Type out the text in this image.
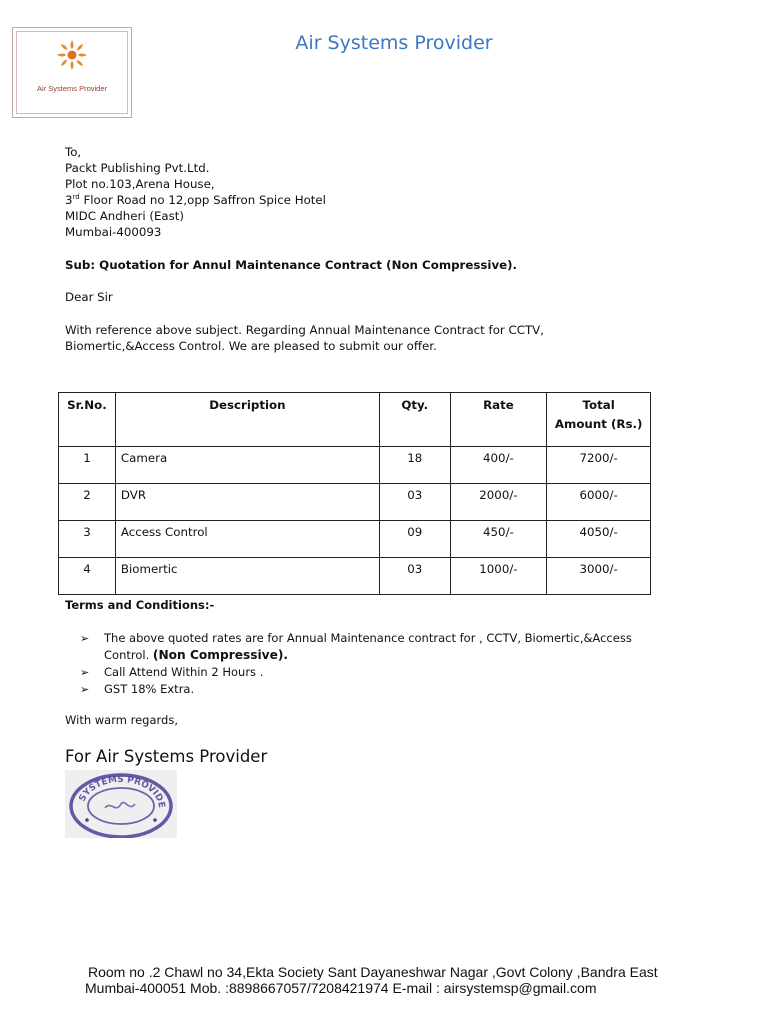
Air Systems Provider
Air Systems Provider
To,
Packt Publishing Pvt.Ltd.
Plot no.103,Arena House,
3rd Floor Road no 12,opp Saffron Spice Hotel
MIDC Andheri (East)
Mumbai-400093
Sub: Quotation for Annul Maintenance Contract (Non Compressive).
Dear Sir
With reference above subject. Regarding Annual Maintenance Contract for CCTV, Biomertic,&Access Control. We are pleased to submit our offer.
Sr.No.	Description	Qty.	Rate	Total
Amount (Rs.)
1	Camera	18	400/-	7200/-
2	DVR	03	2000/-	6000/-
3	Access Control	09	450/-	4050/-
4	Biomertic	03	1000/-	3000/-
Terms and Conditions:-
➢ The above quoted rates are for Annual Maintenance contract for , CCTV, Biomertic,&Access Control. (Non Compressive).
➢ Call Attend Within 2 Hours .
➢ GST 18% Extra.
With warm regards,
For Air Systems Provider
SYSTEMS PROVIDE
Room no .2 Chawl no 34,Ekta Society Sant Dayaneshwar Nagar ,Govt Colony ,Bandra East
Mumbai-400051 Mob. :8898667057/7208421974 E-mail : airsystemsp@gmail.com
